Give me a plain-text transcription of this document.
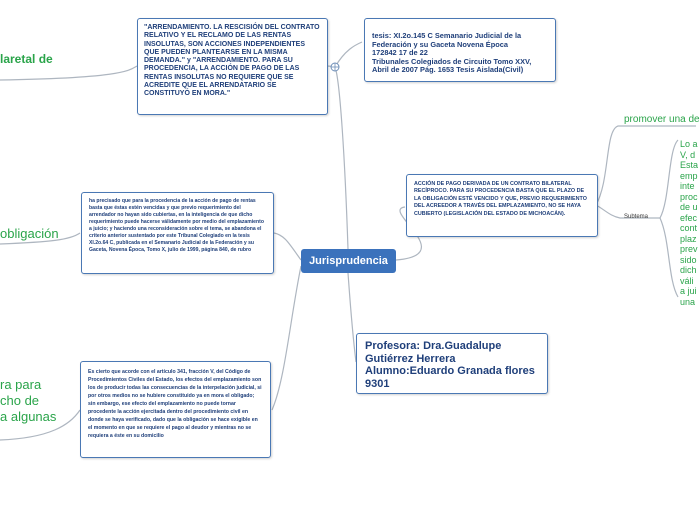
laretal de
obligación
ra para
cho de
a algunas
promover una de
Lo a
V, d
Esta
emp
inte
proc
de u
efec
cont
plaz
prev
sido
dich
váli
a jui
una
Subtema
"ARRENDAMIENTO. LA RESCISIÓN DEL CONTRATO RELATIVO Y EL RECLAMO DE LAS RENTAS INSOLUTAS, SON ACCIONES INDEPENDIENTES QUE PUEDEN PLANTEARSE EN LA MISMA DEMANDA." y "ARRENDAMIENTO. PARA SU PROCEDENCIA, LA ACCIÓN DE PAGO DE LAS RENTAS INSOLUTAS NO REQUIERE QUE SE ACREDITE QUE EL ARRENDATARIO SE CONSTITUYÓ EN MORA."

tesis: XI.2o.145 C Semanario Judicial de la Federación y su Gaceta Novena Época
172842 17 de 22
Tribunales Colegiados de Circuito Tomo XXV, Abril de 2007 Pág. 1653 Tesis Aislada(Civil)

ACCIÓN DE PAGO DERIVADA DE UN CONTRATO BILATERAL RECÍPROCO. PARA SU PROCEDENCIA BASTA QUE EL PLAZO DE LA OBLIGACIÓN ESTÉ VENCIDO Y QUE, PREVIO REQUERIMIENTO DEL ACREEDOR A TRAVÉS DEL EMPLAZAMIENTO, NO SE HAYA CUBIERTO (LEGISLACIÓN DEL ESTADO DE MICHOACÁN).
ha precisado que para la procedencia de la acción de pago de rentas basta que éstas estén vencidas y que previo requerimiento del arrendador no hayan sido cubiertas, en la inteligencia de que dicho requerimiento puede hacerse válidamente por medio del emplazamiento a juicio; y haciendo una reconsideración sobre el tema, se abandona el criterio anterior sustentado por este Tribunal Colegiado en la tesis XI.2o.64 C, publicada en el Semanario Judicial de la Federación y su Gaceta, Novena Época, Tomo X, julio de 1999, página 840, de rubro
Profesora: Dra.Guadalupe Gutiérrez Herrera
Alumno:Eduardo Granada flores 9301
Es cierto que acorde con el artículo 341, fracción V, del Código de Procedimientos Civiles del Estado, los efectos del emplazamiento son los de producir todas las consecuencias de la interpelación judicial, si por otros medios no se hubiere constituido ya en mora el obligado; sin embargo, ese efecto del emplazamiento no puede tornar procedente la acción ejercitada dentro del procedimiento civil en donde se haya verificado, dado que la obligación se hace exigible en el momento en que se requiere el pago al deudor y mientras no se requiera a éste en su domicilio
Jurisprudencia
